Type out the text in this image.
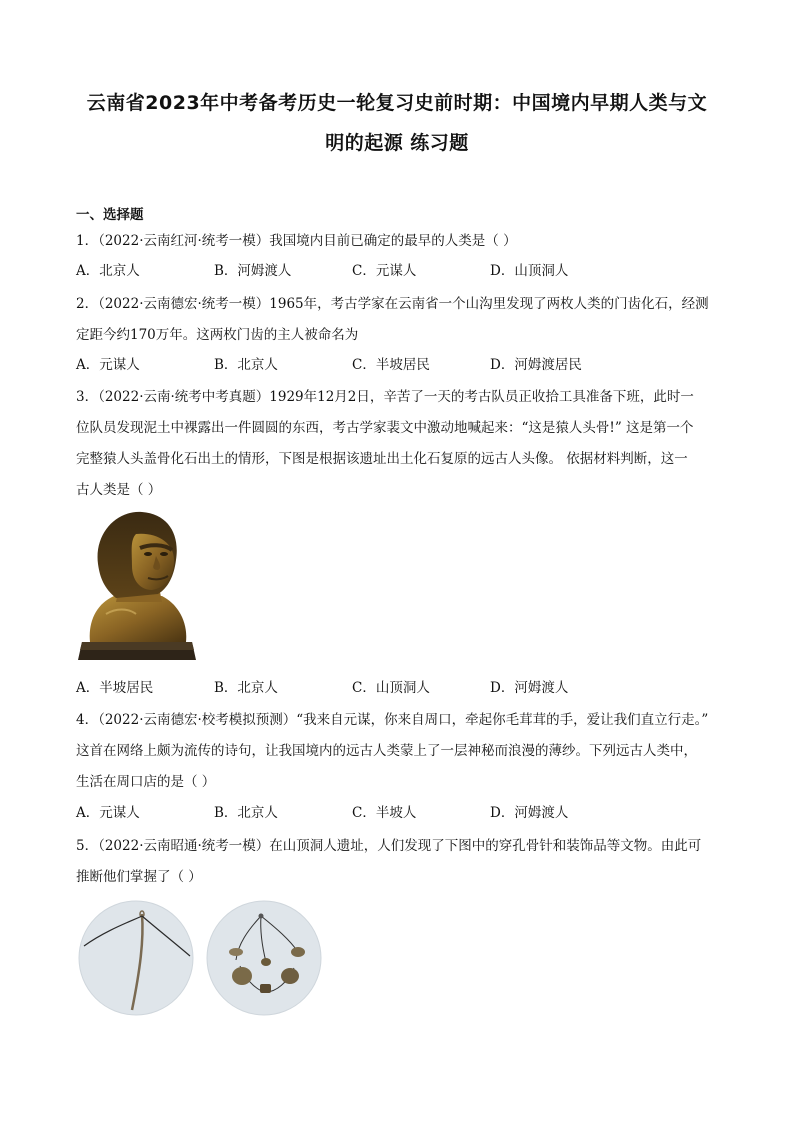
云南省2023年中考备考历史一轮复习史前时期：中国境内早期人类与文
明的起源 练习题
一、选择题
1．（2022·云南红河·统考一模）我国境内目前已确定的最早的人类是（ ）
A．北京人	B．河姆渡人	C．元谋人	D．山顶洞人
2．（2022·云南德宏·统考一模）1965年，考古学家在云南省一个山沟里发现了两枚人类的门齿化石，经测
定距今约170万年。这两枚门齿的主人被命名为
A．元谋人	B．北京人	C．半坡居民	D．河姆渡居民
3．（2022·云南·统考中考真题）1929年12月2日，辛苦了一天的考古队员正收拾工具准备下班，此时一
位队员发现泥土中裸露出一件圆圆的东西，考古学家裴文中激动地喊起来：“这是猿人头骨!” 这是第一个
完整猿人头盖骨化石出土的情形，下图是根据该遗址出土化石复原的远古人头像。 依据材料判断，这一
古人类是（ ）
A．半坡居民	B．北京人	C．山顶洞人	D．河姆渡人
4．（2022·云南德宏·校考模拟预测）“我来自元谋，你来自周口，牵起你毛茸茸的手，爱让我们直立行走。”
这首在网络上颇为流传的诗句，让我国境内的远古人类蒙上了一层神秘而浪漫的薄纱。下列远古人类中，
生活在周口店的是（ ）
A．元谋人	B．北京人	C．半坡人	D．河姆渡人
5．（2022·云南昭通·统考一模）在山顶洞人遗址，人们发现了下图中的穿孔骨针和装饰品等文物。由此可
推断他们掌握了（ ）
